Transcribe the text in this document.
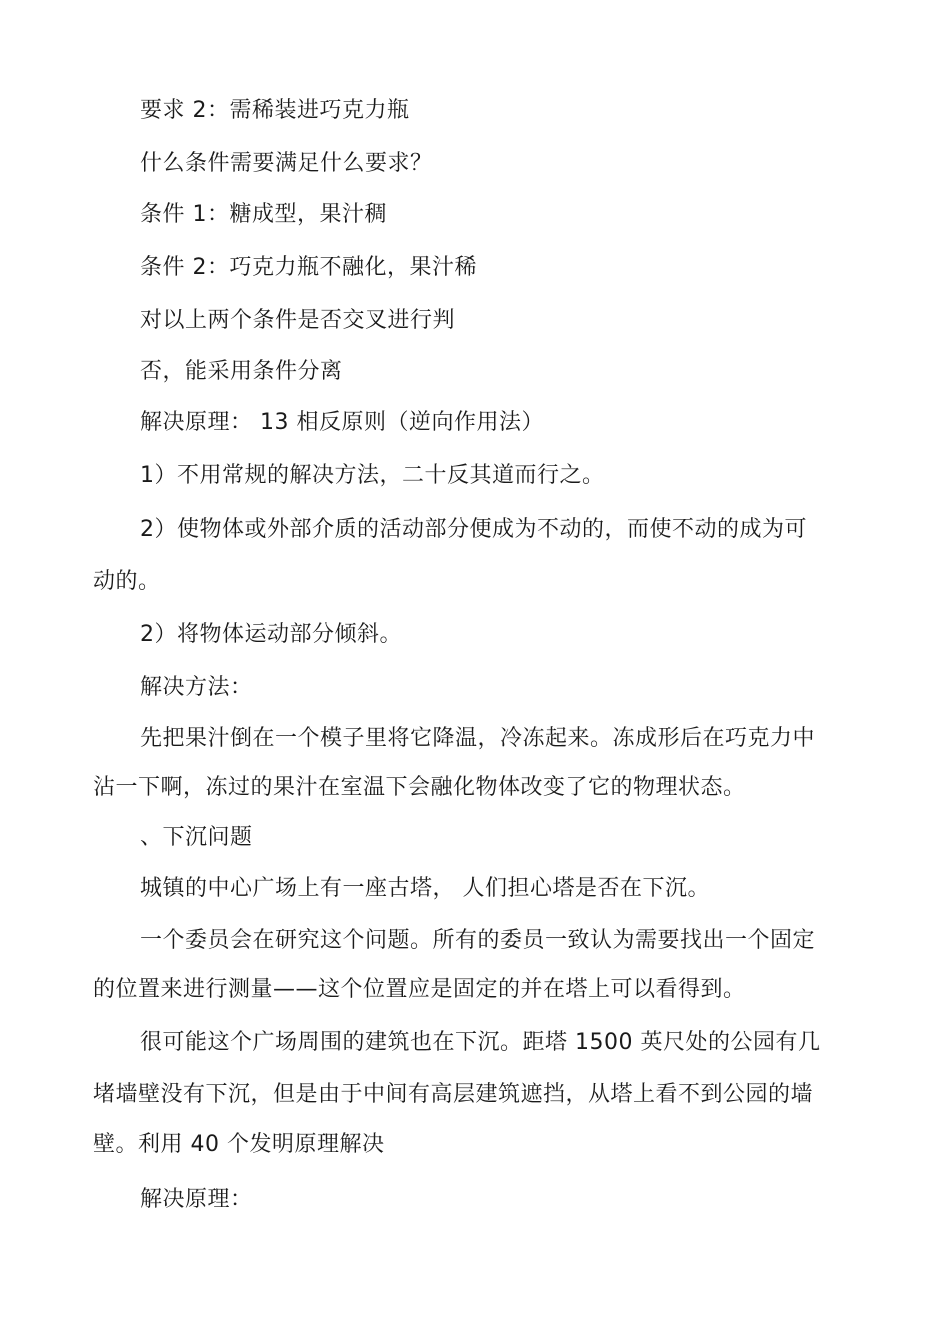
要求 2：需稀装进巧克力瓶
什么条件需要满足什么要求？
条件 1：糖成型，果汁稠
条件 2：巧克力瓶不融化，果汁稀
对以上两个条件是否交叉进行判
否，能采用条件分离
解决原理： 13 相反原则（逆向作用法）
1）不用常规的解决方法，二十反其道而行之。
2）使物体或外部介质的活动部分便成为不动的，而使不动的成为可
动的。
2）将物体运动部分倾斜。
解决方法：
先把果汁倒在一个模子里将它降温，冷冻起来。冻成形后在巧克力中
沾一下啊，冻过的果汁在室温下会融化物体改变了它的物理状态。
、下沉问题
城镇的中心广场上有一座古塔， 人们担心塔是否在下沉。
一个委员会在研究这个问题。所有的委员一致认为需要找出一个固定
的位置来进行测量——这个位置应是固定的并在塔上可以看得到。
很可能这个广场周围的建筑也在下沉。距塔 1500 英尺处的公园有几
堵墙壁没有下沉，但是由于中间有高层建筑遮挡，从塔上看不到公园的墙
壁。利用 40 个发明原理解决
解决原理：
